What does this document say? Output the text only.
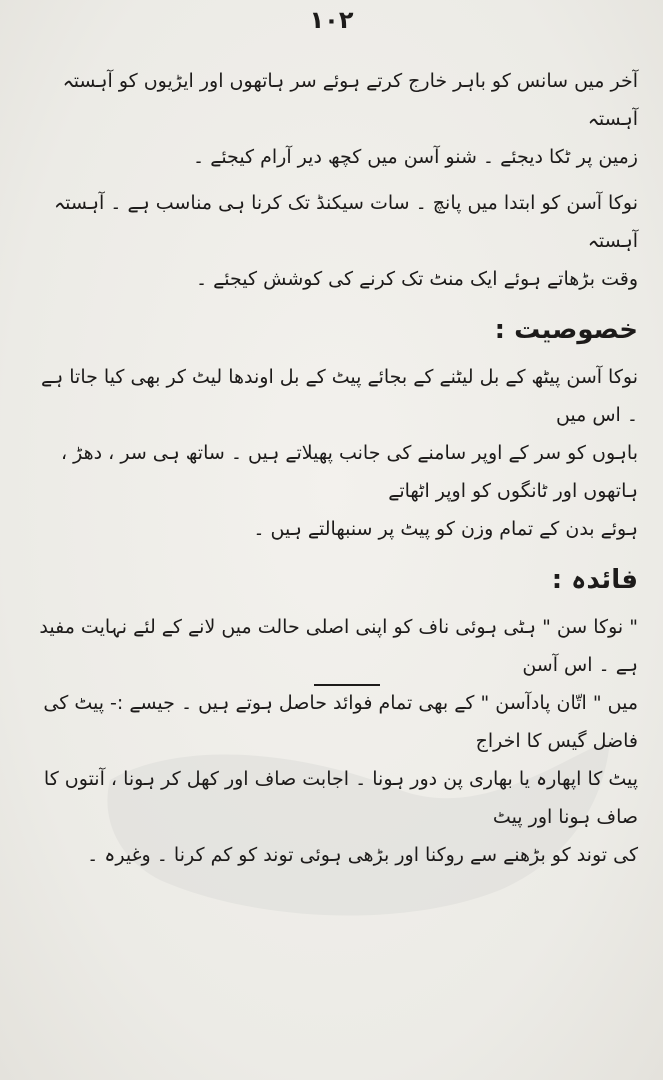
۱۰۲

آخر میں سانس کو باہر خارج کرتے ہوئے سر ہاتھوں اور ایڑیوں کو آہستہ آہستہ

زمین پر ٹکا دیجئے ۔ شنو آسن میں کچھ دیر آرام کیجئے ۔

نوکا آسن کو ابتدا میں پانچ ۔ سات سیکنڈ تک کرنا ہی مناسب ہے ۔ آہستہ آہستہ

وقت بڑھاتے ہوئے ایک منٹ تک کرنے کی کوشش کیجئے ۔

خصوصیت :

نوکا آسن پیٹھ کے بل لیٹنے کے بجائے پیٹ کے بل اوندھا لیٹ کر بھی کیا جاتا ہے ۔ اس میں

باہوں کو سر کے اوپر سامنے کی جانب پھیلاتے ہیں ۔ ساتھ ہی سر ، دھڑ ، ہاتھوں اور ٹانگوں کو اوپر اٹھاتے

ہوئے بدن کے تمام وزن کو پیٹ پر سنبھالتے ہیں ۔

فائدہ :

" نوکا سن " ہٹی ہوئی ناف کو اپنی اصلی حالت میں لانے کے لئے نہایت مفید ہے ۔ اس آسن

میں " اتّان پادآسن " کے بھی تمام فوائد حاصل ہوتے ہیں ۔ جیسے :- پیٹ کی فاضل گیس کا اخراج

پیٹ کا اپھارہ یا بھاری پن دور ہونا ۔ اجابت صاف اور کھل کر ہونا ، آنتوں کا صاف ہونا اور پیٹ

کی توند کو بڑھنے سے روکنا اور بڑھی ہوئی توند کو کم کرنا ۔ وغیرہ ۔
